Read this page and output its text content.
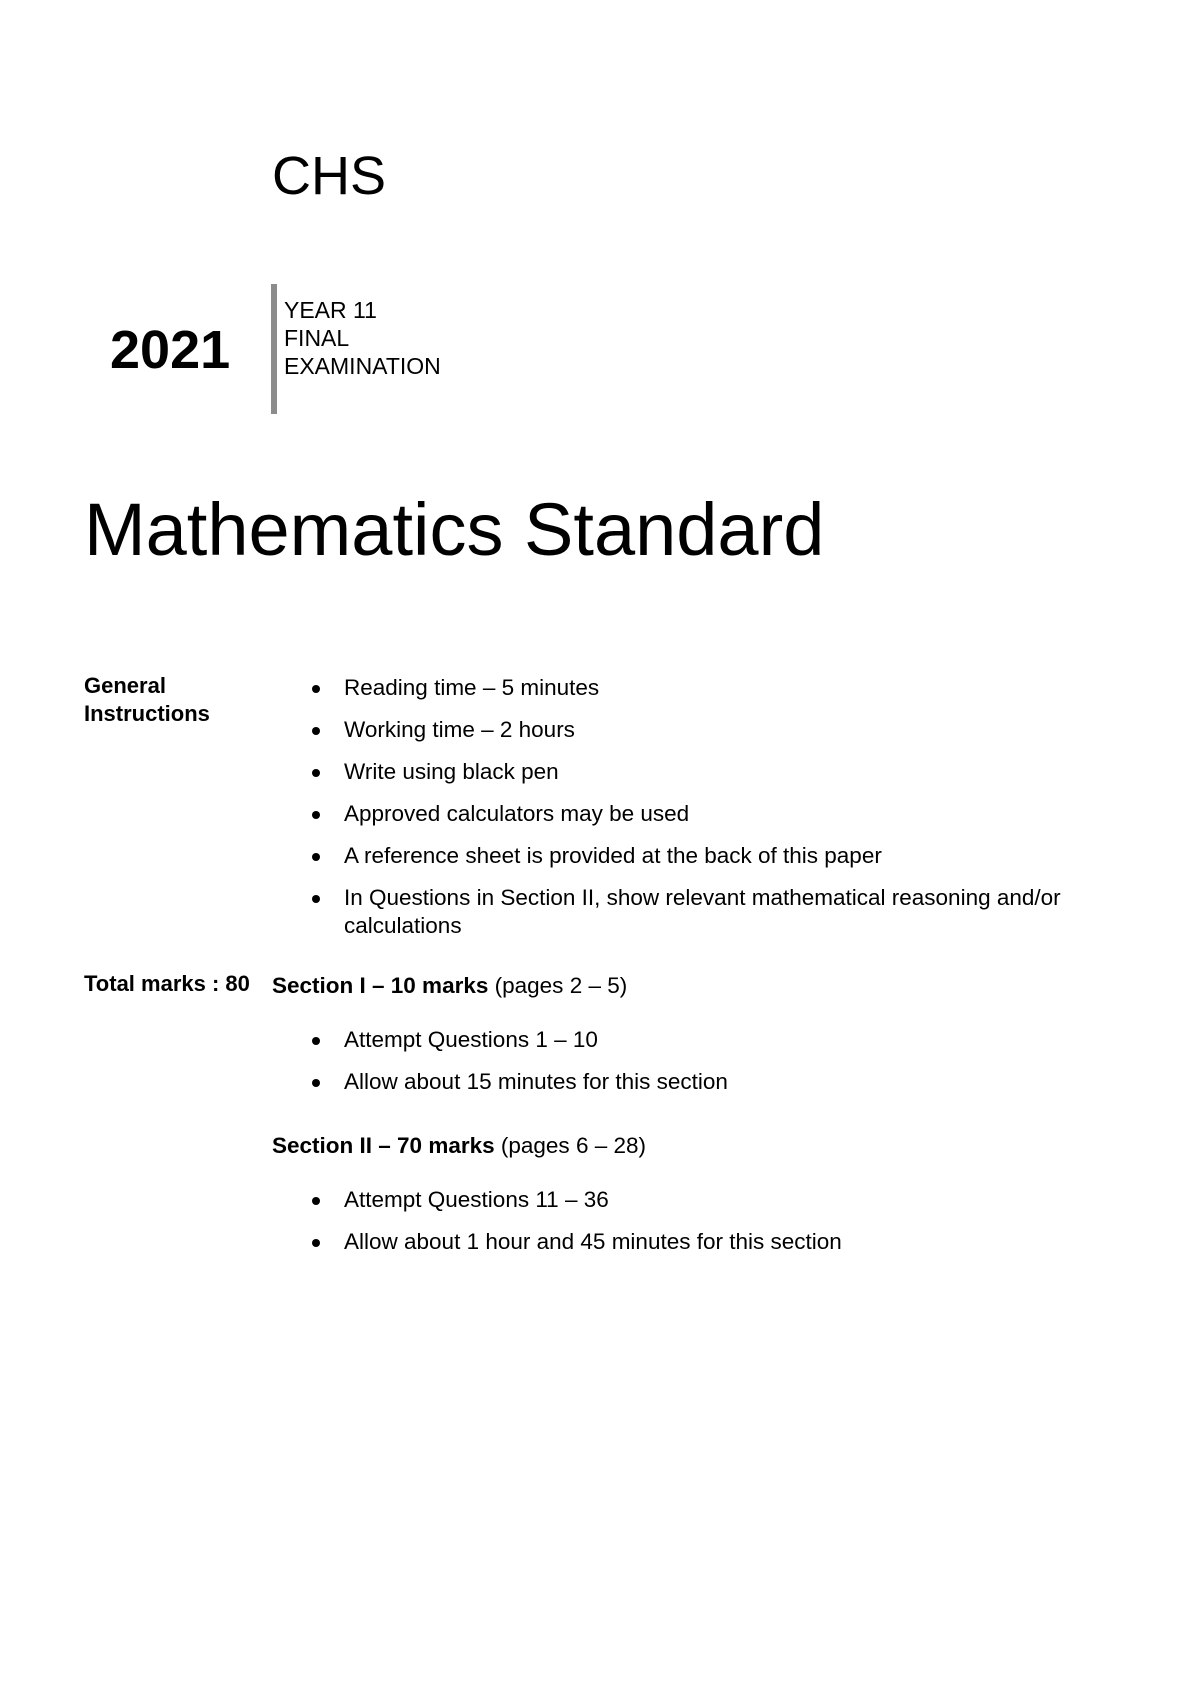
CHS
2021
YEAR 11
FINAL
EXAMINATION
Mathematics Standard
General Instructions
Reading time – 5 minutes
Working time – 2 hours
Write using black pen
Approved calculators may be used
A reference sheet is provided at the back of this paper
In Questions in Section II, show relevant mathematical reasoning and/or calculations
Total marks : 80 Section I – 10 marks (pages 2 – 5)

Attempt Questions 1 – 10
Allow about 15 minutes for this section

Section II – 70 marks (pages 6 – 28)

Attempt Questions 11 – 36
Allow about 1 hour and 45 minutes for this section
